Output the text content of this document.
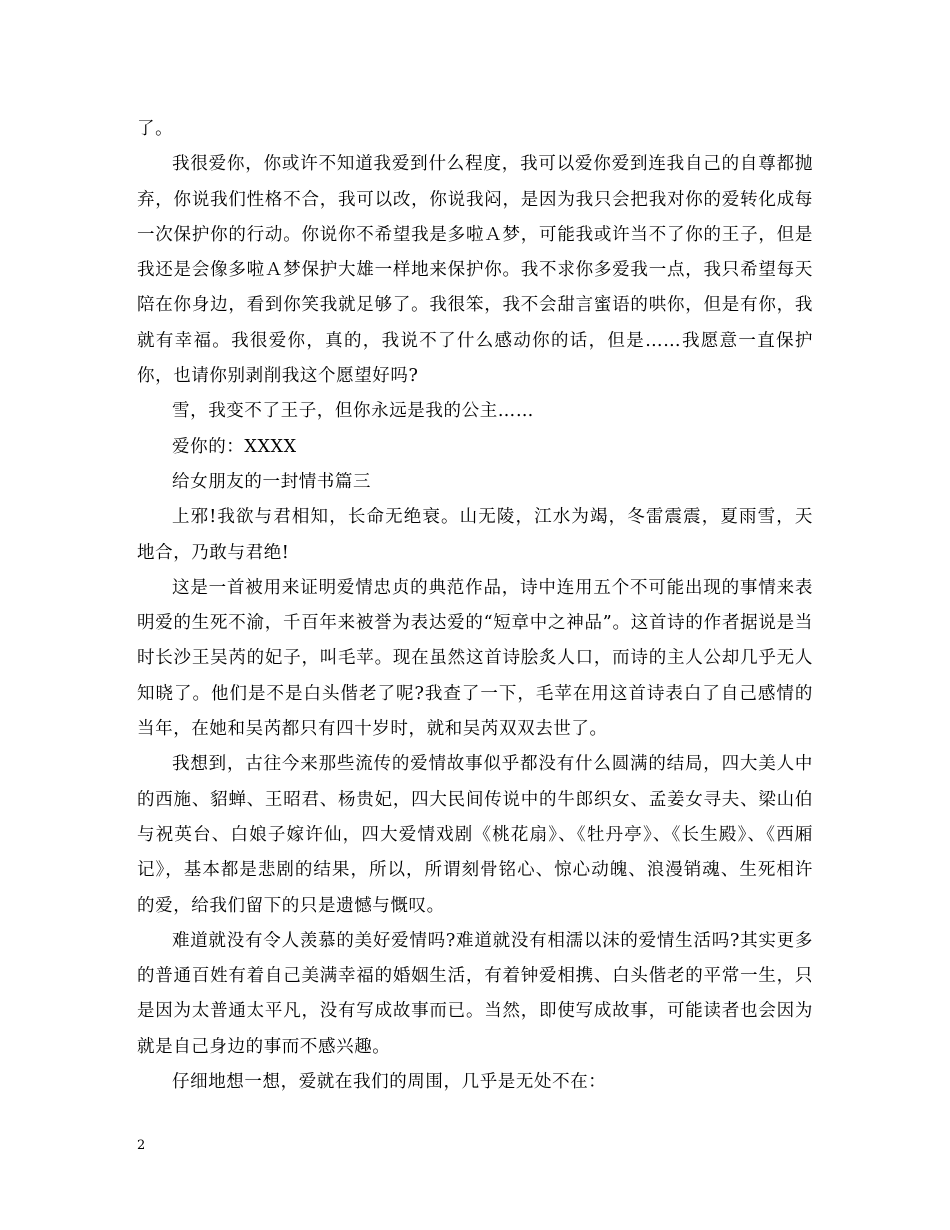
了。

我很爱你，你或许不知道我爱到什么程度，我可以爱你爱到连我自己的自尊都抛弃，你说我们性格不合，我可以改，你说我闷，是因为我只会把我对你的爱转化成每一次保护你的行动。你说你不希望我是多啦Ａ梦，可能我或许当不了你的王子，但是我还是会像多啦Ａ梦保护大雄一样地来保护你。我不求你多爱我一点，我只希望每天陪在你身边，看到你笑我就足够了。我很笨，我不会甜言蜜语的哄你，但是有你，我就有幸福。我很爱你，真的，我说不了什么感动你的话，但是……我愿意一直保护你，也请你别剥削我这个愿望好吗?

雪，我变不了王子，但你永远是我的公主……

爱你的：XXXX

给女朋友的一封情书篇三

上邪!我欲与君相知，长命无绝衰。山无陵，江水为竭，冬雷震震，夏雨雪，天地合，乃敢与君绝!

这是一首被用来证明爱情忠贞的典范作品，诗中连用五个不可能出现的事情来表明爱的生死不渝，千百年来被誉为表达爱的“短章中之神品”。这首诗的作者据说是当时长沙王吴芮的妃子，叫毛苹。现在虽然这首诗脍炙人口，而诗的主人公却几乎无人知晓了。他们是不是白头偕老了呢?我查了一下，毛苹在用这首诗表白了自己感情的当年，在她和吴芮都只有四十岁时，就和吴芮双双去世了。

我想到，古往今来那些流传的爱情故事似乎都没有什么圆满的结局，四大美人中的西施、貂蝉、王昭君、杨贵妃，四大民间传说中的牛郎织女、孟姜女寻夫、梁山伯与祝英台、白娘子嫁许仙，四大爱情戏剧《桃花扇》、《牡丹亭》、《长生殿》、《西厢记》，基本都是悲剧的结果，所以，所谓刻骨铭心、惊心动魄、浪漫销魂、生死相许的爱，给我们留下的只是遗憾与慨叹。

难道就没有令人羡慕的美好爱情吗?难道就没有相濡以沫的爱情生活吗?其实更多的普通百姓有着自己美满幸福的婚姻生活，有着钟爱相携、白头偕老的平常一生，只是因为太普通太平凡，没有写成故事而已。当然，即使写成故事，可能读者也会因为就是自己身边的事而不感兴趣。

仔细地想一想，爱就在我们的周围，几乎是无处不在：

2
